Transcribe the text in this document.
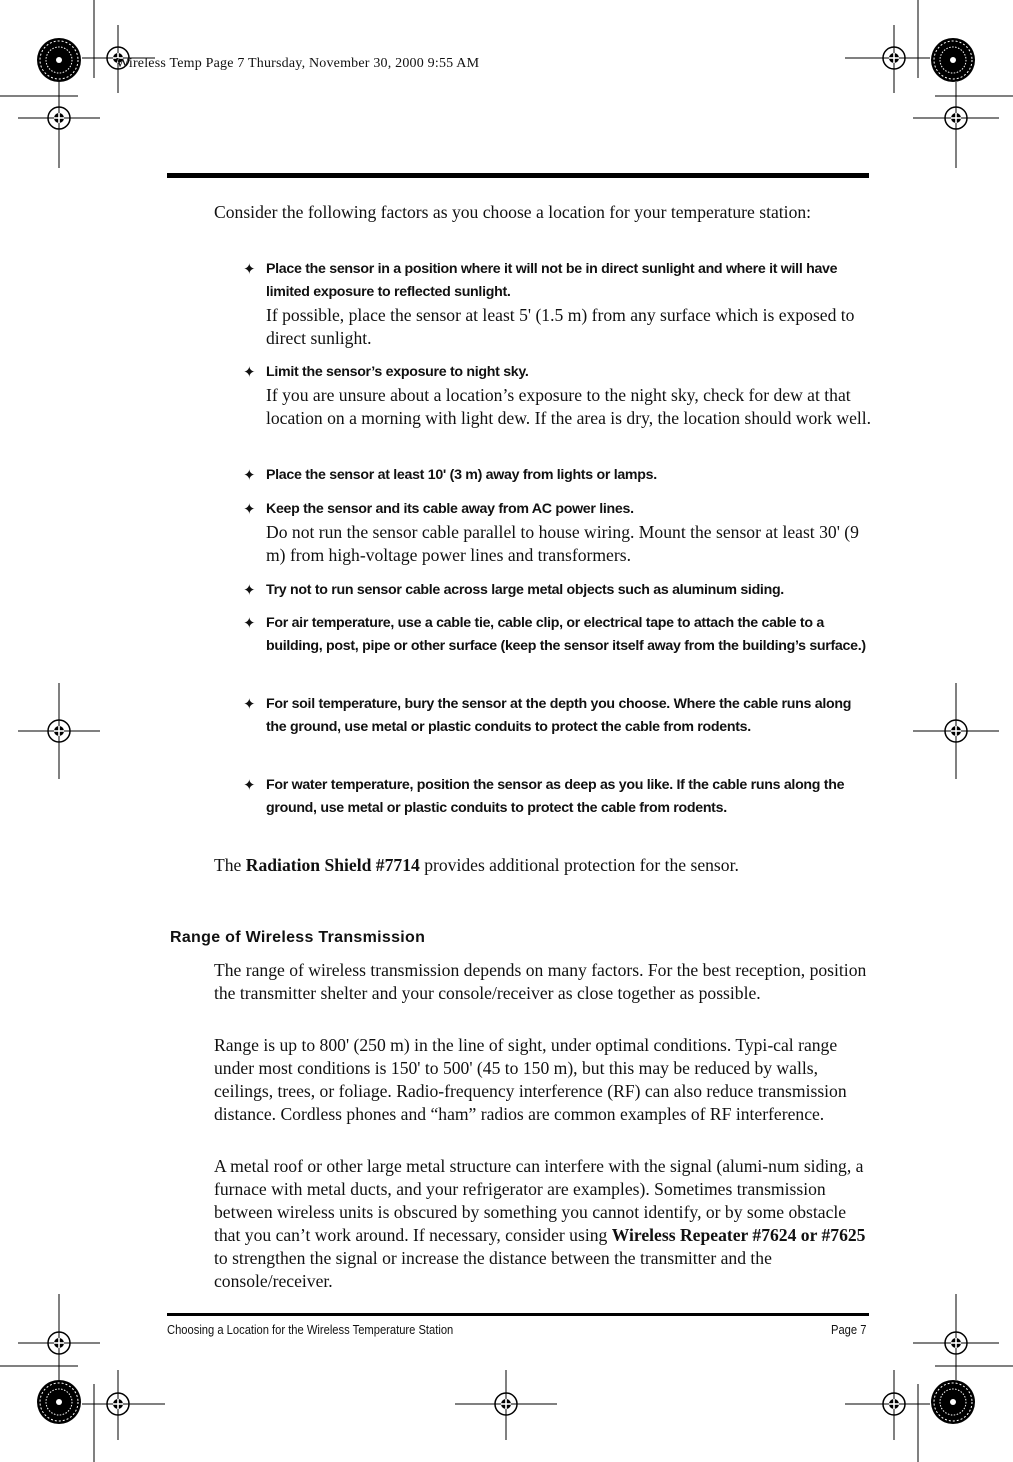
Wireless Temp Page 7 Thursday, November 30, 2000 9:55 AM
Consider the following factors as you choose a location for your temperature station:
✦ Place the sensor in a position where it will not be in direct sunlight and where it will have limited exposure to reflected sunlight.
If possible, place the sensor at least 5' (1.5 m) from any surface which is exposed to direct sunlight.
✦ Limit the sensor’s exposure to night sky.
If you are unsure about a location’s exposure to the night sky, check for dew at that location on a morning with light dew. If the area is dry, the location should work well.
✦ Place the sensor at least 10' (3 m) away from lights or lamps.
✦ Keep the sensor and its cable away from AC power lines.
Do not run the sensor cable parallel to house wiring. Mount the sensor at least 30' (9 m) from high-voltage power lines and transformers.
✦ Try not to run sensor cable across large metal objects such as aluminum siding.
✦ For air temperature, use a cable tie, cable clip, or electrical tape to attach the cable to a building, post, pipe or other surface (keep the sensor itself away from the building’s surface.)
✦ For soil temperature, bury the sensor at the depth you choose. Where the cable runs along the ground, use metal or plastic conduits to protect the cable from rodents.
✦ For water temperature, position the sensor as deep as you like. If the cable runs along the ground, use metal or plastic conduits to protect the cable from rodents.
The Radiation Shield #7714 provides additional protection for the sensor.
Range of Wireless Transmission
The range of wireless transmission depends on many factors. For the best reception, position the transmitter shelter and your console/receiver as close together as possible.
Range is up to 800' (250 m) in the line of sight, under optimal conditions. Typi-cal range under most conditions is 150' to 500' (45 to 150 m), but this may be reduced by walls, ceilings, trees, or foliage. Radio-frequency interference (RF) can also reduce transmission distance. Cordless phones and “ham” radios are common examples of RF interference.
A metal roof or other large metal structure can interfere with the signal (alumi-num siding, a furnace with metal ducts, and your refrigerator are examples). Sometimes transmission between wireless units is obscured by something you cannot identify, or by some obstacle that you can’t work around. If necessary, consider using Wireless Repeater #7624 or #7625 to strengthen the signal or increase the distance between the transmitter and the console/receiver.
Choosing a Location for the Wireless Temperature Station	Page 7
